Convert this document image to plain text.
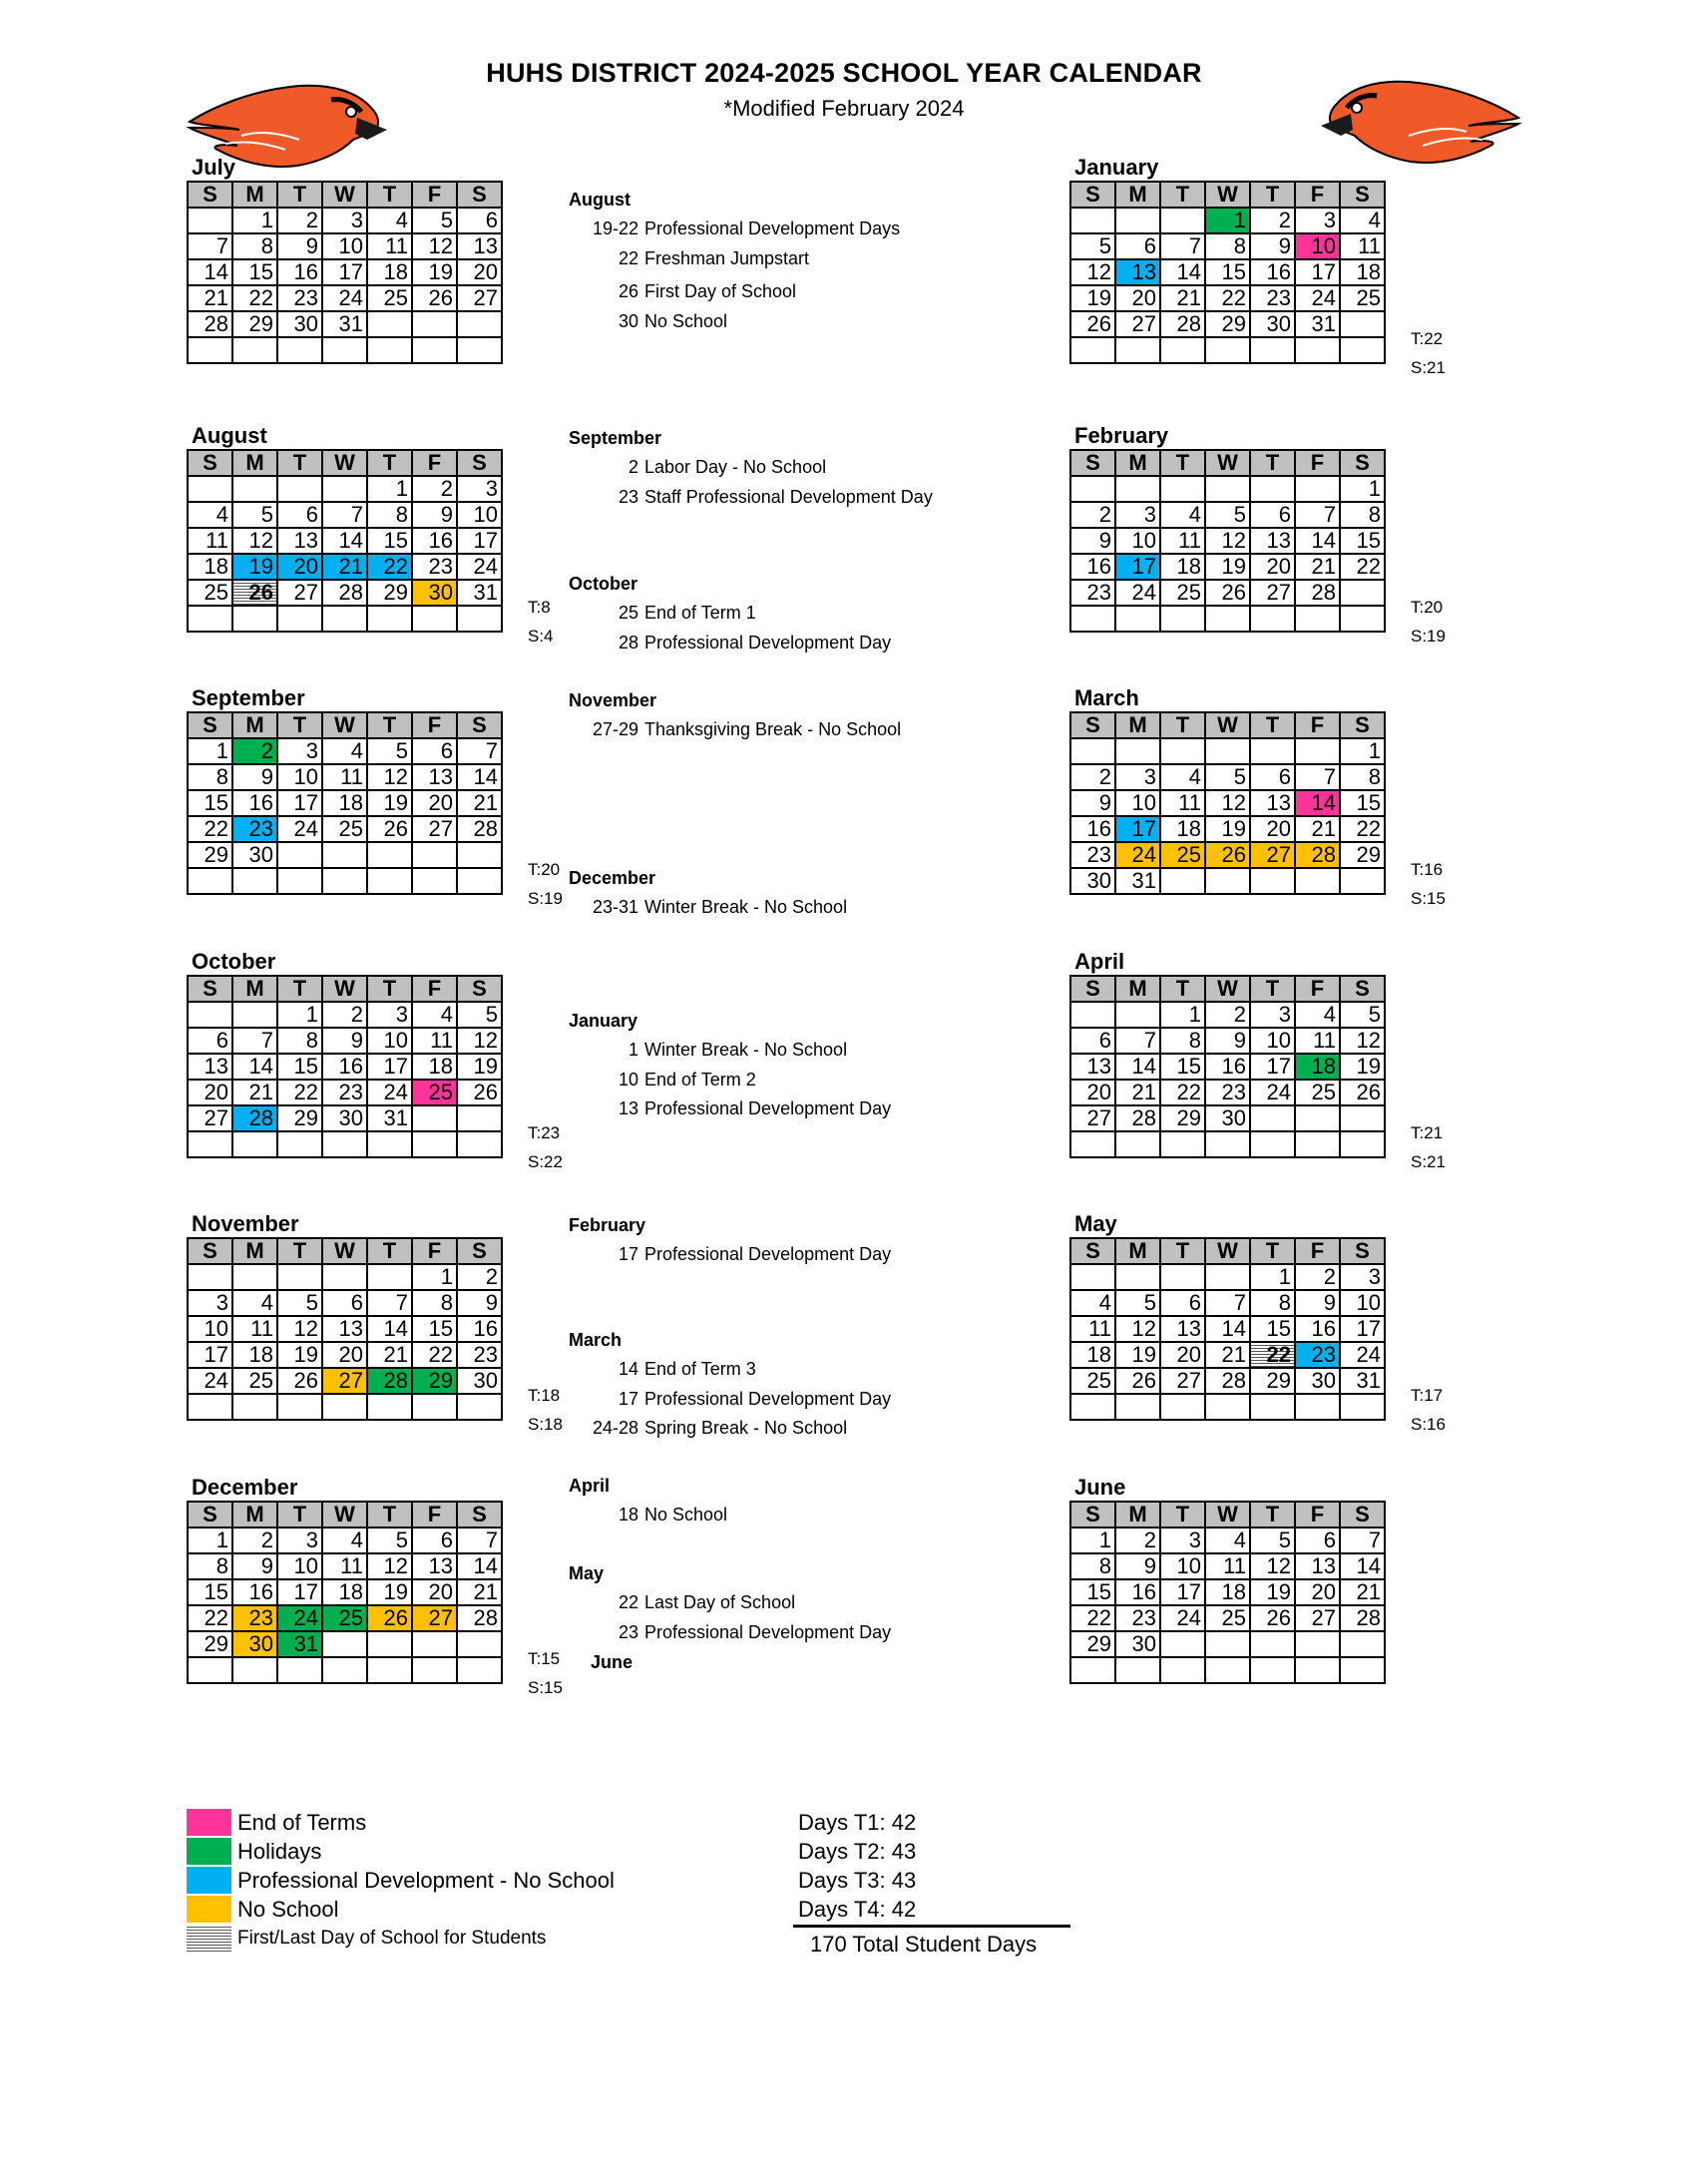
HUHS DISTRICT 2024-2025 SCHOOL YEAR CALENDAR
*Modified February 2024
July
S	M	T	W	T	F	S
	1	2	3	4	5	6
7	8	9	10	11	12	13
14	15	16	17	18	19	20
21	22	23	24	25	26	27
28	29	30	31			

August
S	M	T	W	T	F	S
				1	2	3
4	5	6	7	8	9	10
11	12	13	14	15	16	17
18	19	20	21	22	23	24
25	26	27	28	29	30	31

T:8
S:4
September
S	M	T	W	T	F	S
1	2	3	4	5	6	7
8	9	10	11	12	13	14
15	16	17	18	19	20	21
22	23	24	25	26	27	28
29	30					

T:20
S:19
October
S	M	T	W	T	F	S
		1	2	3	4	5
6	7	8	9	10	11	12
13	14	15	16	17	18	19
20	21	22	23	24	25	26
27	28	29	30	31		

T:23
S:22
November
S	M	T	W	T	F	S
					1	2
3	4	5	6	7	8	9
10	11	12	13	14	15	16
17	18	19	20	21	22	23
24	25	26	27	28	29	30

T:18
S:18
December
S	M	T	W	T	F	S
1	2	3	4	5	6	7
8	9	10	11	12	13	14
15	16	17	18	19	20	21
22	23	24	25	26	27	28
29	30	31				

T:15
S:15
January
S	M	T	W	T	F	S
			1	2	3	4
5	6	7	8	9	10	11
12	13	14	15	16	17	18
19	20	21	22	23	24	25
26	27	28	29	30	31	

T:22
S:21
February
S	M	T	W	T	F	S
						1
2	3	4	5	6	7	8
9	10	11	12	13	14	15
16	17	18	19	20	21	22
23	24	25	26	27	28	

T:20
S:19
March
S	M	T	W	T	F	S
						1
2	3	4	5	6	7	8
9	10	11	12	13	14	15
16	17	18	19	20	21	22
23	24	25	26	27	28	29
30	31						T:16
S:15
April
S	M	T	W	T	F	S
		1	2	3	4	5
6	7	8	9	10	11	12
13	14	15	16	17	18	19
20	21	22	23	24	25	26
27	28	29	30			

T:21
S:21
May
S	M	T	W	T	F	S
				1	2	3
4	5	6	7	8	9	10
11	12	13	14	15	16	17
18	19	20	21	22	23	24
25	26	27	28	29	30	31

T:17
S:16
June
S	M	T	W	T	F	S
1	2	3	4	5	6	7
8	9	10	11	12	13	14
15	16	17	18	19	20	21
22	23	24	25	26	27	28
29	30					

August
19-22 Professional Development Days
22 Freshman Jumpstart
26 First Day of School
30 No School
September
2 Labor Day - No School
23 Staff Professional Development Day
October
25 End of Term 1
28 Professional Development Day
November
27-29 Thanksgiving Break - No School
December
23-31 Winter Break - No School
January
1 Winter Break - No School
10 End of Term 2
13 Professional Development Day
February
17 Professional Development Day
March
14 End of Term 3
17 Professional Development Day
24-28 Spring Break - No School
April
18 No School
May
22 Last Day of School
23 Professional Development Day
June
End of Terms
Holidays
Professional Development - No School
No School
First/Last Day of School for Students
Days T1: 42
Days T2: 43
Days T3: 43
Days T4: 42
170 Total Student Days
